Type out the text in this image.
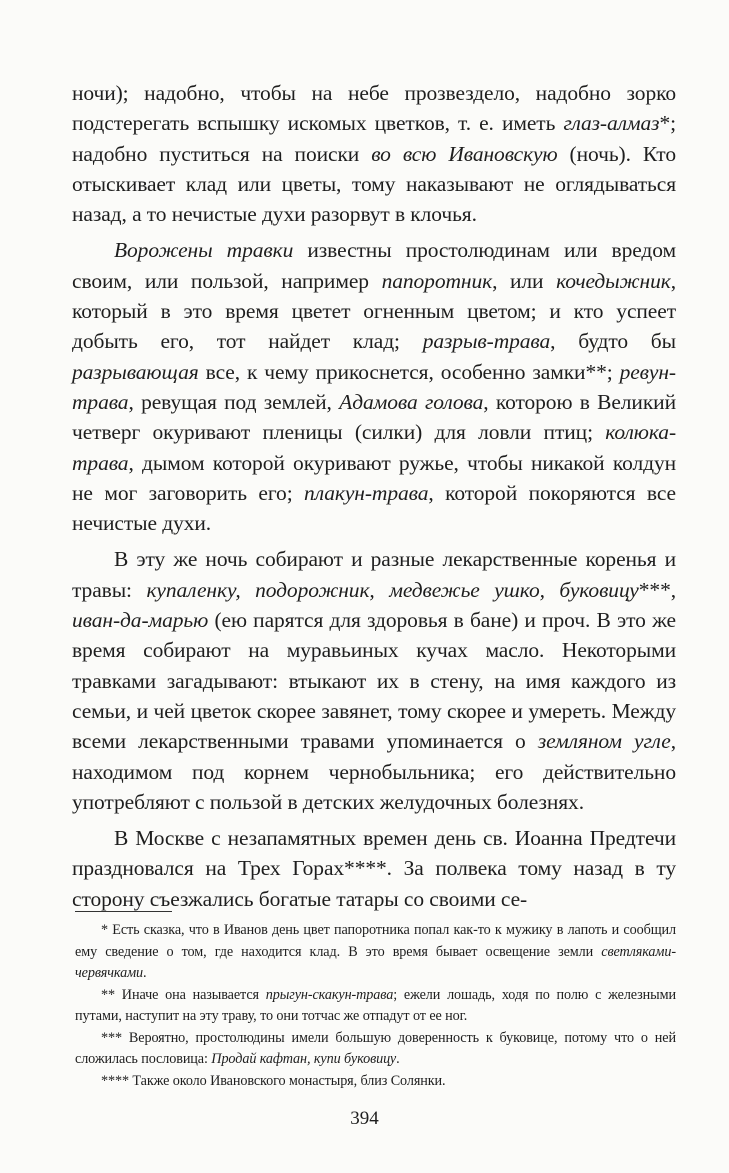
ночи); надобно, чтобы на небе прозвездело, надобно зорко подстерегать вспышку искомых цветков, т. е. иметь глаз-алмаз*; надобно пуститься на поиски во всю Ивановскую (ночь). Кто отыскивает клад или цветы, тому наказывают не оглядываться назад, а то нечистые духи разорвут в клочья.

Ворожены травки известны простолюдинам или вредом своим, или пользой, например папоротник, или кочедыжник, который в это время цветет огненным цветом; и кто успеет добыть его, тот найдет клад; разрыв-трава, будто бы разрывающая все, к чему прикоснется, особенно замки**; ревун-трава, ревущая под землей, Адамова голова, которою в Великий четверг окуривают пленицы (силки) для ловли птиц; колюка-трава, дымом которой окуривают ружье, чтобы никакой колдун не мог заговорить его; плакун-трава, которой покоряются все нечистые духи.

В эту же ночь собирают и разные лекарственные коренья и травы: купаленку, подорожник, медвежье ушко, буковицу***, иван-да-марью (ею парятся для здоровья в бане) и проч. В это же время собирают на муравьиных кучах масло. Некоторыми травками загадывают: втыкают их в стену, на имя каждого из семьи, и чей цветок скорее завянет, тому скорее и умереть. Между всеми лекарственными травами упоминается о земляном угле, находимом под корнем чернобыльника; его действительно употребляют с пользой в детских желудочных болезнях.

В Москве с незапамятных времен день св. Иоанна Предтечи праздновался на Трех Горах****. За полвека тому назад в ту сторону съезжались богатые татары со своими се-

* Есть сказка, что в Иванов день цвет папоротника попал как-то к мужику в лапоть и сообщил ему сведение о том, где находится клад. В это время бывает освещение земли светляками-червячками.

** Иначе она называется прыгун-скакун-трава; ежели лошадь, ходя по полю с железными путами, наступит на эту траву, то они тотчас же отпадут от ее ног.

*** Вероятно, простолюдины имели большую доверенность к буковице, потому что о ней сложилась пословица: Продай кафтан, купи буковицу.

**** Также около Ивановского монастыря, близ Солянки.

394
